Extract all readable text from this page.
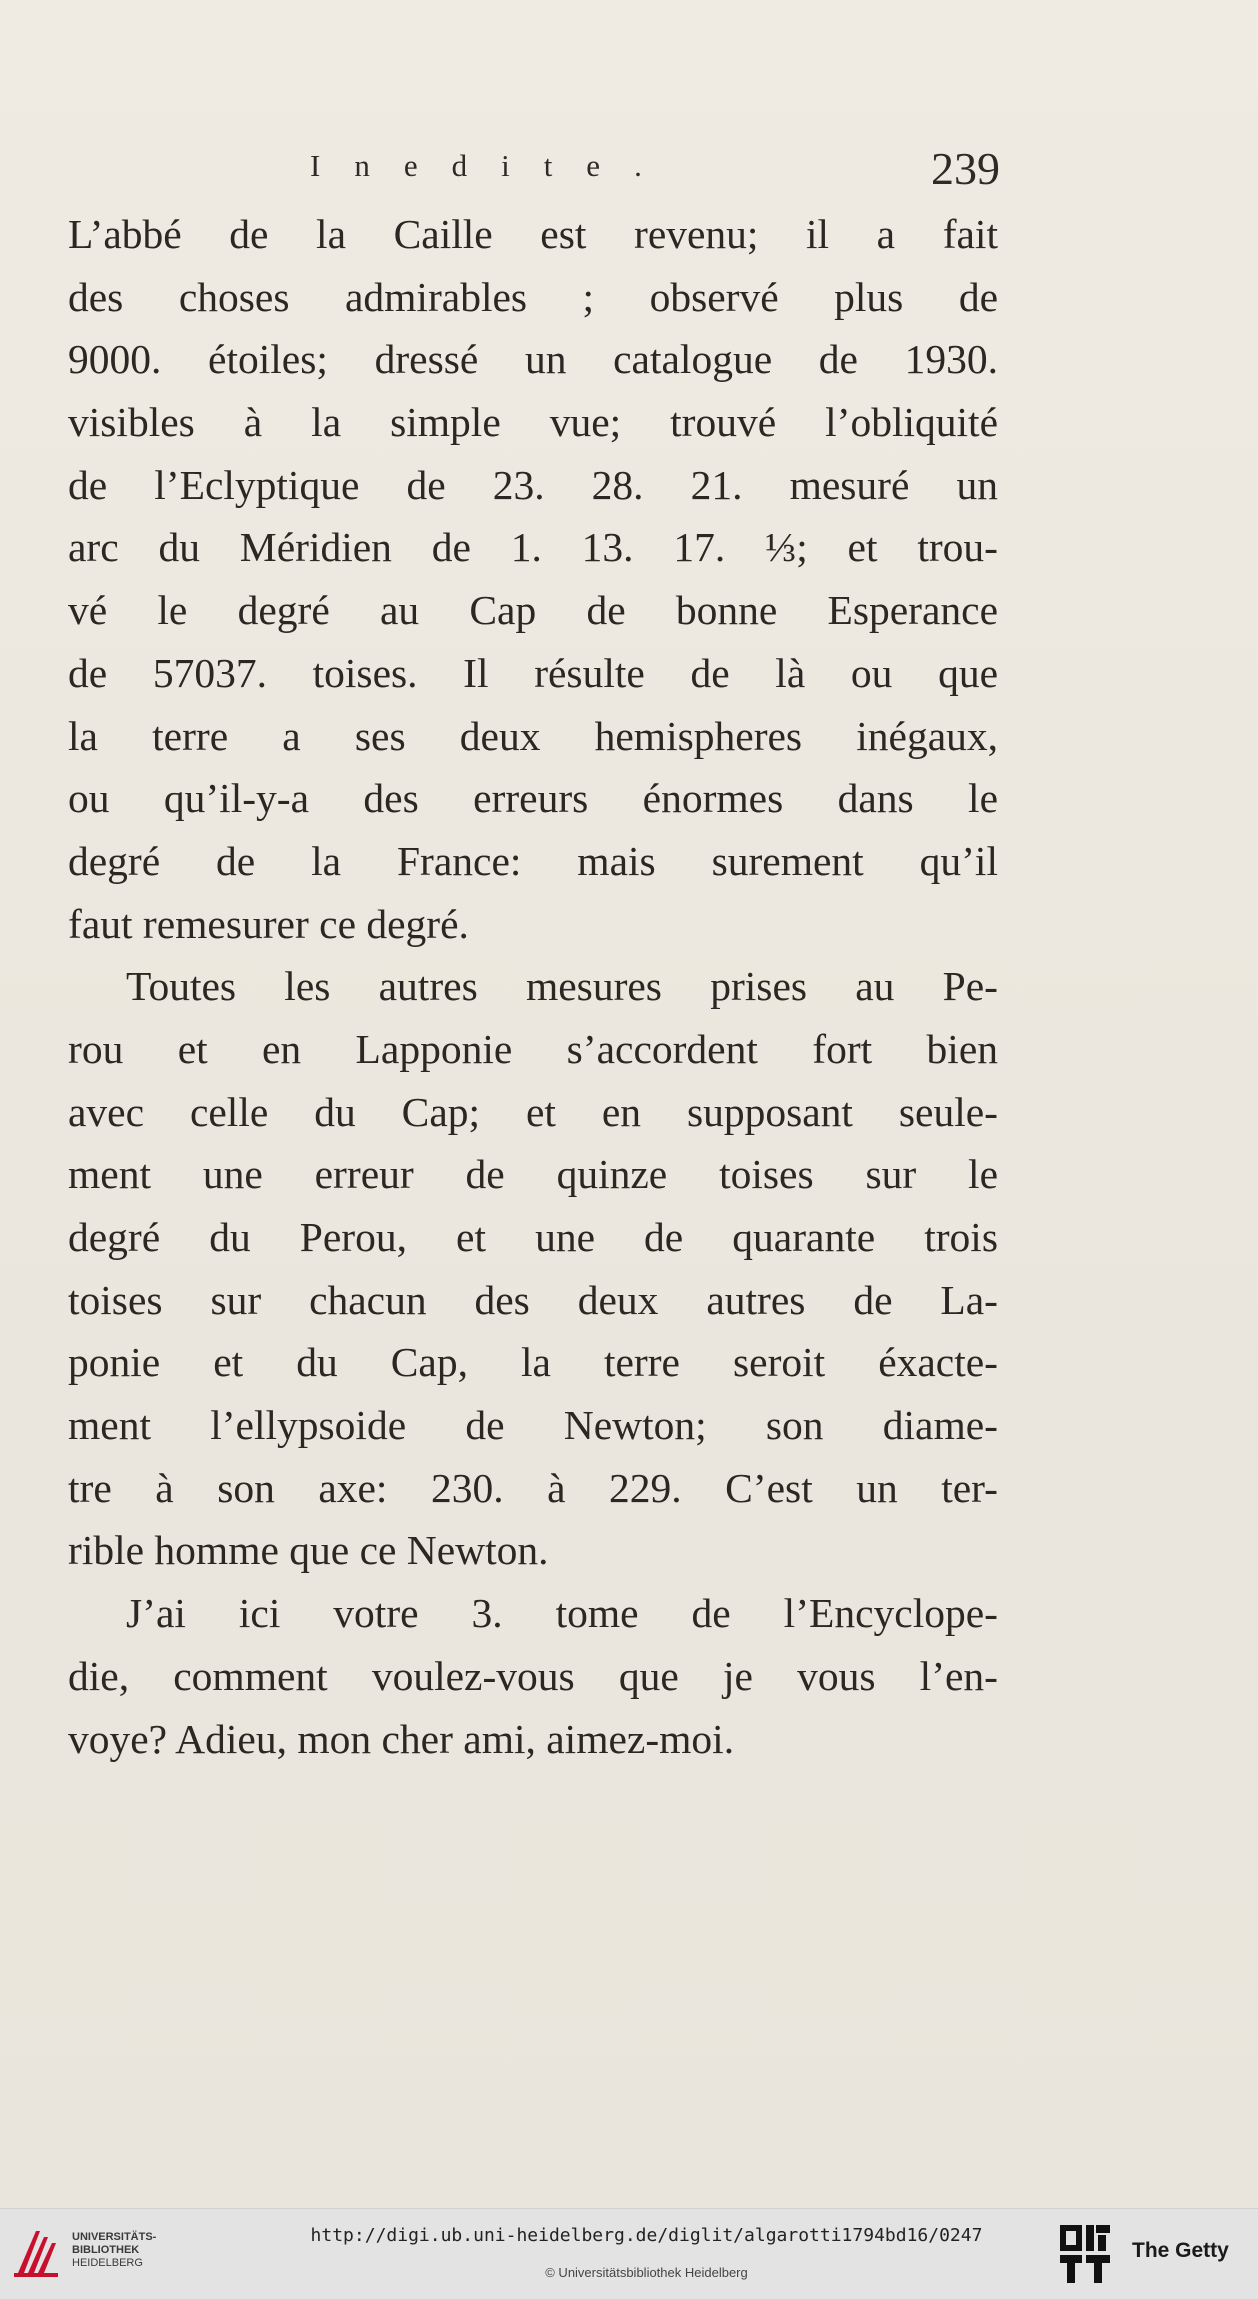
Inedite.	239
L’abbé de la Caille est revenu; il a fait
des choses admirables ; observé plus de
9000. étoiles; dressé un catalogue de 1930.
visibles à la simple vue; trouvé l’obliquité
de l’Eclyptique de 23. 28. 21. mesuré un
arc du Méridien de 1. 13. 17. ⅓; et trou-
vé le degré au Cap de bonne Esperance
de 57037. toises. Il résulte de là ou que
la terre a ses deux hemispheres inégaux,
ou qu’il-y-a des erreurs énormes dans le
degré de la France: mais surement qu’il
faut remesurer ce degré.
Toutes les autres mesures prises au Pe-
rou et en Lapponie s’accordent fort bien
avec celle du Cap; et en supposant seule-
ment une erreur de quinze toises sur le
degré du Perou, et une de quarante trois
toises sur chacun des deux autres de La-
ponie et du Cap, la terre seroit éxacte-
ment l’ellypsoide de Newton; son diame-
tre à son axe: 230. à 229. C’est un ter-
rible homme que ce Newton.
J’ai ici votre 3. tome de l’Encyclope-
die, comment voulez-vous que je vous l’en-
voye? Adieu, mon cher ami, aimez-moi.
UNIVERSITÄTS-
BIBLIOTHEK
HEIDELBERG
http://digi.ub.uni-heidelberg.de/diglit/algarotti1794bd16/0247
© Universitätsbibliothek Heidelberg
The Getty
